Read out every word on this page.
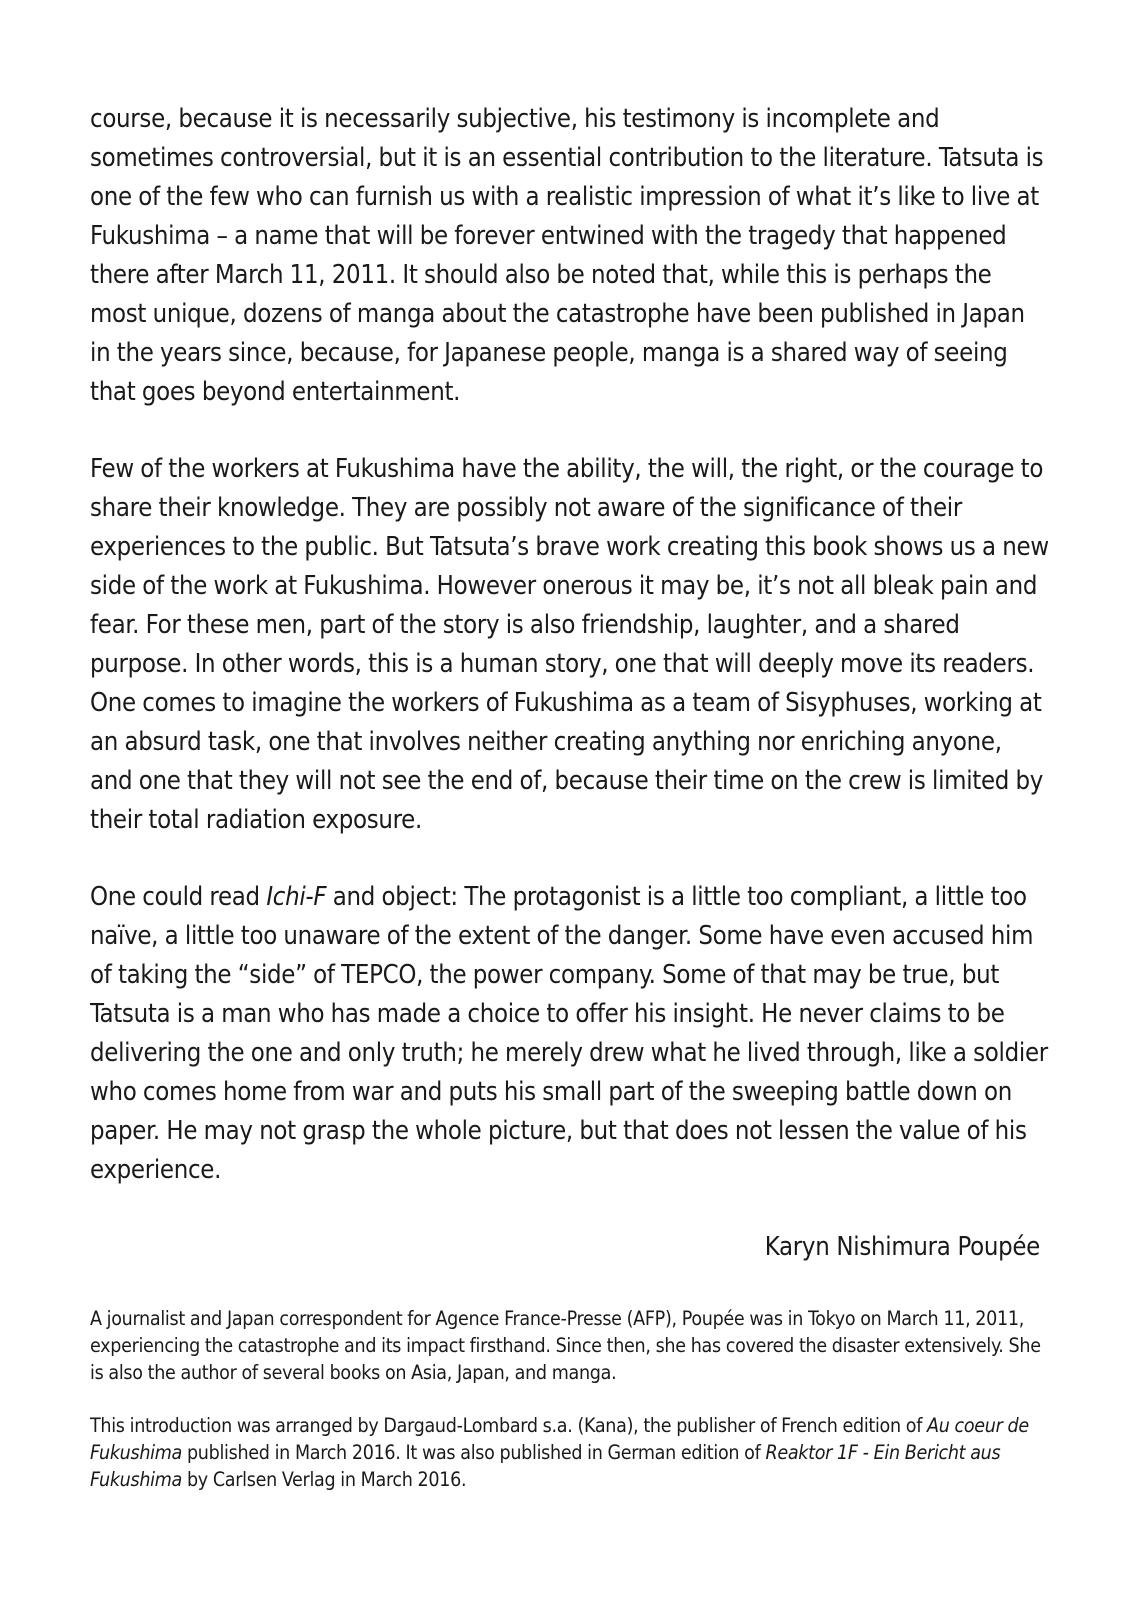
course, because it is necessarily subjective, his testimony is incomplete and sometimes controversial, but it is an essential contribution to the literature. Tatsuta is one of the few who can furnish us with a realistic impression of what it’s like to live at Fukushima – a name that will be forever entwined with the tragedy that happened there after March 11, 2011. It should also be noted that, while this is perhaps the most unique, dozens of manga about the catastrophe have been published in Japan in the years since, because, for Japanese people, manga is a shared way of seeing that goes beyond entertainment.

Few of the workers at Fukushima have the ability, the will, the right, or the courage to share their knowledge. They are possibly not aware of the significance of their experiences to the public. But Tatsuta’s brave work creating this book shows us a new side of the work at Fukushima. However onerous it may be, it’s not all bleak pain and fear. For these men, part of the story is also friendship, laughter, and a shared purpose. In other words, this is a human story, one that will deeply move its readers. One comes to imagine the workers of Fukushima as a team of Sisyphuses, working at an absurd task, one that involves neither creating anything nor enriching anyone, and one that they will not see the end of, because their time on the crew is limited by their total radiation exposure.

One could read Ichi-F and object: The protagonist is a little too compliant, a little too naïve, a little too unaware of the extent of the danger. Some have even accused him of taking the “side” of TEPCO, the power company. Some of that may be true, but Tatsuta is a man who has made a choice to offer his insight. He never claims to be delivering the one and only truth; he merely drew what he lived through, like a soldier who comes home from war and puts his small part of the sweeping battle down on paper. He may not grasp the whole picture, but that does not lessen the value of his experience.

Karyn Nishimura Poupée

A journalist and Japan correspondent for Agence France-Presse (AFP), Poupée was in Tokyo on March 11, 2011, experiencing the catastrophe and its impact firsthand. Since then, she has covered the disaster extensively. She is also the author of several books on Asia, Japan, and manga.

This introduction was arranged by Dargaud-Lombard s.a. (Kana), the publisher of French edition of Au coeur de Fukushima published in March 2016. It was also published in German edition of Reaktor 1F - Ein Bericht aus Fukushima by Carlsen Verlag in March 2016.
